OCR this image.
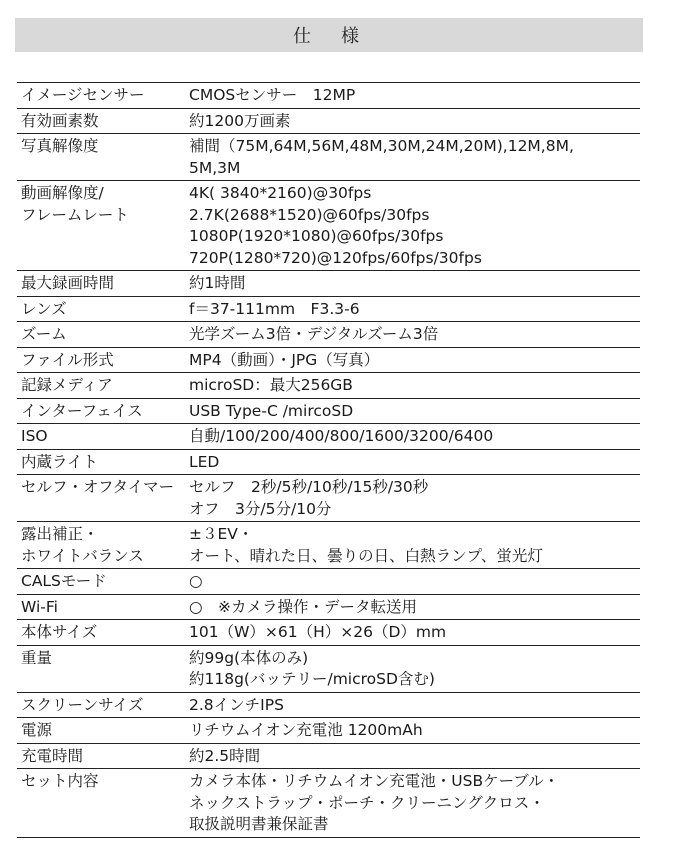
仕　様
イメージセンサー	CMOSセンサー　12MP
有効画素数	約1200万画素
写真解像度	補間（75M,64M,56M,48M,30M,24M,20M),12M,8M,
5M,3M
動画解像度/
フレームレート	4K( 3840*2160)@30fps
2.7K(2688*1520)@60fps/30fps
1080P(1920*1080)@60fps/30fps
720P(1280*720)@120fps/60fps/30fps
最大録画時間	約1時間
レンズ	f＝37-111mm　F3.3-6
ズーム	光学ズーム3倍・デジタルズーム3倍
ファイル形式	MP4（動画）・JPG（写真）
記録メディア	microSD：最大256GB
インターフェイス	USB Type-C /mircoSD
ISO	自動/100/200/400/800/1600/3200/6400
内蔵ライト	LED
セルフ・オフタイマー	セルフ　2秒/5秒/10秒/15秒/30秒
オフ　3分/5分/10分
露出補正・
ホワイトバランス	±３EV・
オート、晴れた日、曇りの日、白熱ランプ、蛍光灯
CALSモード	○
Wi-Fi	○　※カメラ操作・データ転送用
本体サイズ	101（W）×61（H）×26（D）mm
重量	約99g(本体のみ)
約118g(バッテリー/microSD含む)
スクリーンサイズ	2.8インチIPS
電源	リチウムイオン充電池 1200mAh
充電時間	約2.5時間
セット内容	カメラ本体・リチウムイオン充電池・USBケーブル・
ネックストラップ・ポーチ・クリーニングクロス・
取扱説明書兼保証書
